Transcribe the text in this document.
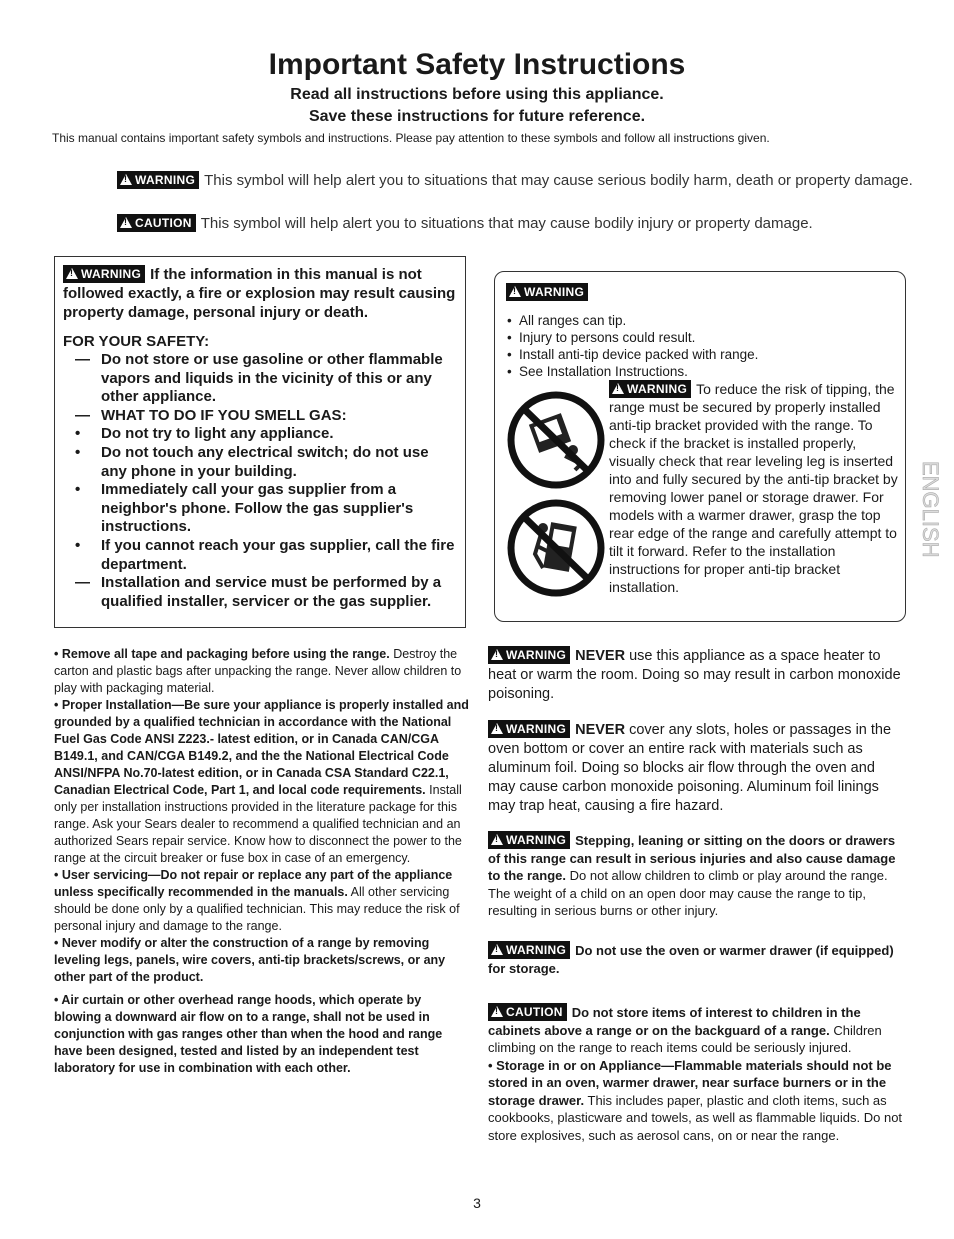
Important Safety Instructions
Read all instructions before using this appliance.
Save these instructions for future reference.
This manual contains important safety symbols and instructions. Please pay attention to these symbols and follow all instructions given.
!WARNING This symbol will help alert you to situations that may cause serious bodily harm, death or property damage.
!CAUTION This symbol will help alert you to situations that may cause bodily injury or property damage.

!WARNING If the information in this manual is not followed exactly, a fire or explosion may result causing property damage, personal injury or death.

FOR YOUR SAFETY:

— Do not store or use gasoline or other flammable vapors and liquids in the vicinity of this or any other appliance.
— WHAT TO DO IF YOU SMELL GAS:
• Do not try to light any appliance.
• Do not touch any electrical switch; do not use any phone in your building.
• Immediately call your gas supplier from a neighbor's phone. Follow the gas supplier's instructions.
• If you cannot reach your gas supplier, call the fire department.
— Installation and service must be performed by a qualified installer, servicer or the gas supplier.
!WARNING
• All ranges can tip.
• Injury to persons could result.
• Install anti-tip device packed with range.
• See Installation Instructions.
!WARNING To reduce the risk of tipping, the range must be secured by properly installed anti-tip bracket provided with the range. To check if the bracket is installed properly, visually check that rear leveling leg is inserted into and fully secured by the anti-tip bracket by removing lower panel or storage drawer. For models with a warmer drawer, grasp the top rear edge of the range and carefully attempt to tilt it forward. Refer to the installation instructions for proper anti-tip bracket installation.

• Remove all tape and packaging before using the range. Destroy the carton and plastic bags after unpacking the range. Never allow children to play with packaging material.

• Proper Installation—Be sure your appliance is properly installed and grounded by a qualified technician in accordance with the National Fuel Gas Code ANSI Z223.- latest edition, or in Canada CAN/CGA B149.1, and CAN/CGA B149.2, and the the National Electrical Code ANSI/NFPA No.70-latest edition, or in Canada CSA Standard C22.1, Canadian Electrical Code, Part 1, and local code requirements. Install only per installation instructions provided in the literature package for this range. Ask your Sears dealer to recommend a qualified technician and an authorized Sears repair service. Know how to disconnect the power to the range at the circuit breaker or fuse box in case of an emergency.

• User servicing—Do not repair or replace any part of the appliance unless specifically recommended in the manuals. All other servicing should be done only by a qualified technician. This may reduce the risk of personal injury and damage to the range.

• Never modify or alter the construction of a range by removing leveling legs, panels, wire covers, anti-tip brackets/screws, or any other part of the product.

• Air curtain or other overhead range hoods, which operate by blowing a downward air flow on to a range, shall not be used in conjunction with gas ranges other than when the hood and range have been designed, tested and listed by an independent test laboratory for use in combination with each other.

!WARNING NEVER use this appliance as a space heater to heat or warm the room. Doing so may result in carbon monoxide poisoning.

!WARNING NEVER cover any slots, holes or passages in the oven bottom or cover an entire rack with materials such as aluminum foil. Doing so blocks air flow through the oven and may cause carbon monoxide poisoning. Aluminum foil linings may trap heat, causing a fire hazard.

!WARNING Stepping, leaning or sitting on the doors or drawers of this range can result in serious injuries and also cause damage to the range. Do not allow children to climb or play around the range. The weight of a child on an open door may cause the range to tip, resulting in serious burns or other injury.

!WARNING Do not use the oven or warmer drawer (if equipped) for storage.

!CAUTION Do not store items of interest to children in the cabinets above a range or on the backguard of a range. Children climbing on the range to reach items could be seriously injured.

• Storage in or on Appliance—Flammable materials should not be stored in an oven, warmer drawer, near surface burners or in the storage drawer. This includes paper, plastic and cloth items, such as cookbooks, plasticware and towels, as well as flammable liquids. Do not store explosives, such as aerosol cans, on or near the range.

ENGLISH
3
